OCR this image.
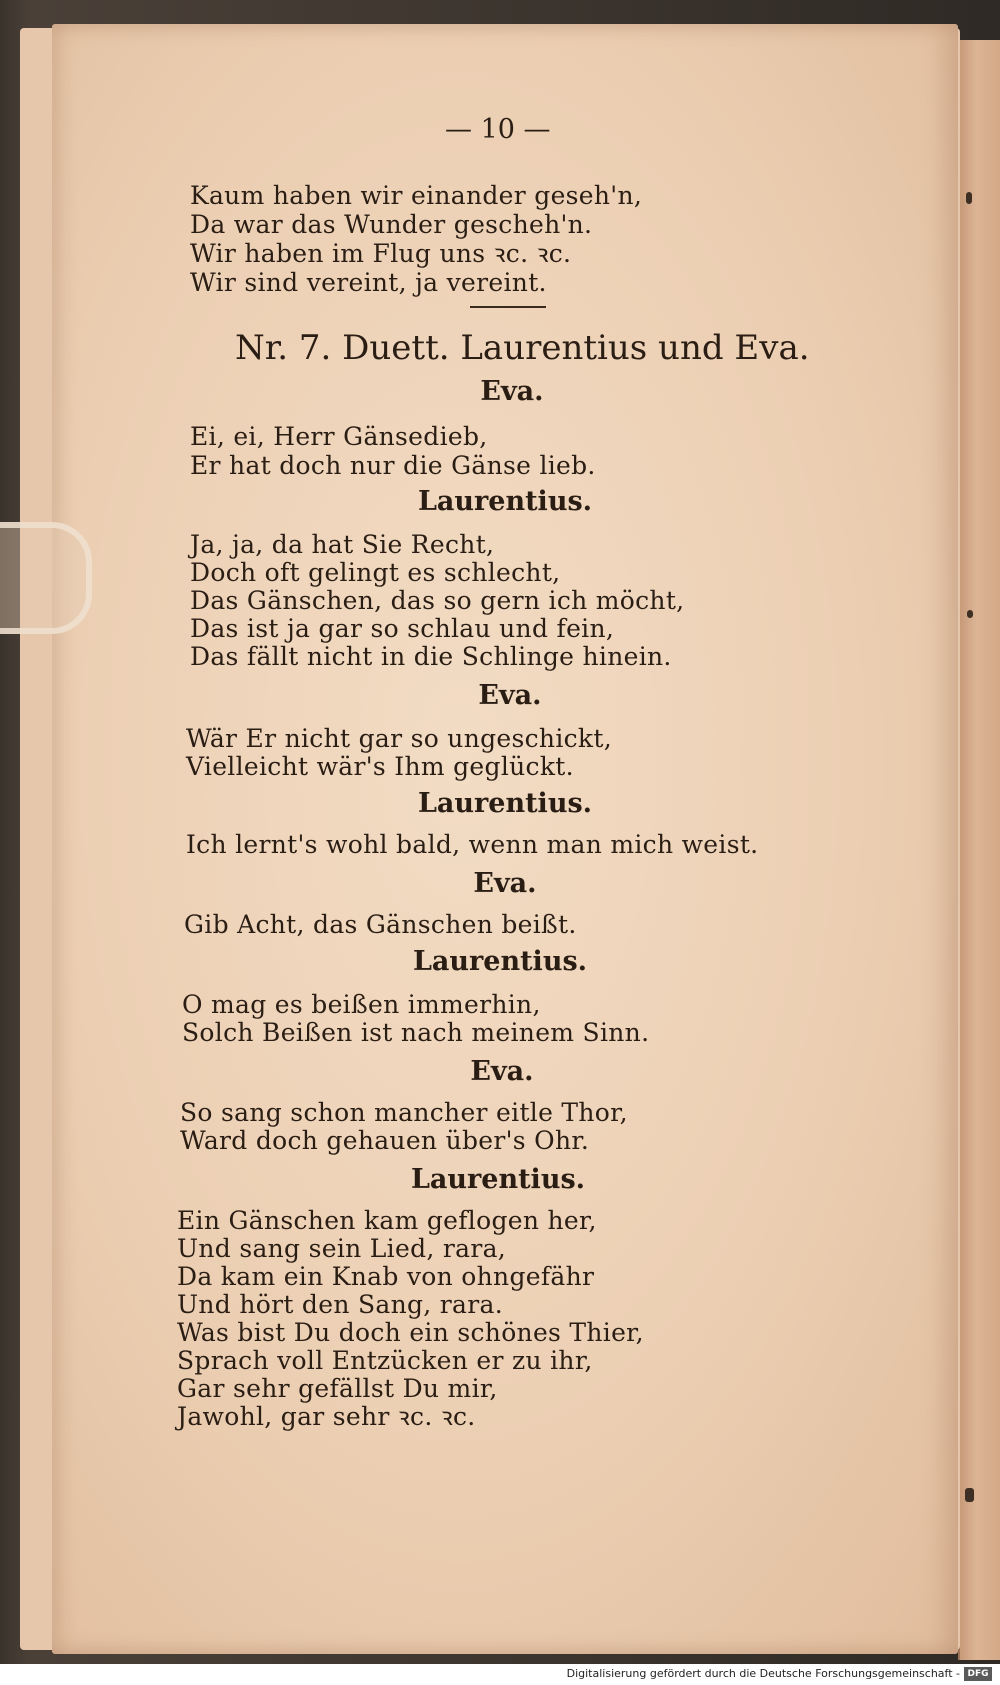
— 10 —
Kaum haben wir einander geseh'n,
Da war das Wunder gescheh'n.
Wir haben im Flug uns ꝛc. ꝛc.
Wir sind vereint, ja vereint.
Nr. 7. Duett. Laurentius und Eva.
Eva.
Ei, ei, Herr Gänsedieb,
Er hat doch nur die Gänse lieb.
Laurentius.
Ja, ja, da hat Sie Recht,
Doch oft gelingt es schlecht,
Das Gänschen, das so gern ich möcht,
Das ist ja gar so schlau und fein,
Das fällt nicht in die Schlinge hinein.
Eva.
Wär Er nicht gar so ungeschickt,
Vielleicht wär's Ihm geglückt.
Laurentius.
Ich lernt's wohl bald, wenn man mich weist.
Eva.
Gib Acht, das Gänschen beißt.
Laurentius.
O mag es beißen immerhin,
Solch Beißen ist nach meinem Sinn.
Eva.
So sang schon mancher eitle Thor,
Ward doch gehauen über's Ohr.
Laurentius.
Ein Gänschen kam geflogen her,
Und sang sein Lied, rara,
Da kam ein Knab von ohngefähr
Und hört den Sang, rara.
Was bist Du doch ein schönes Thier,
Sprach voll Entzücken er zu ihr,
Gar sehr gefällst Du mir,
Jawohl, gar sehr ꝛc. ꝛc.
Digitalisierung gefördert durch die Deutsche Forschungsgemeinschaft - DFG
